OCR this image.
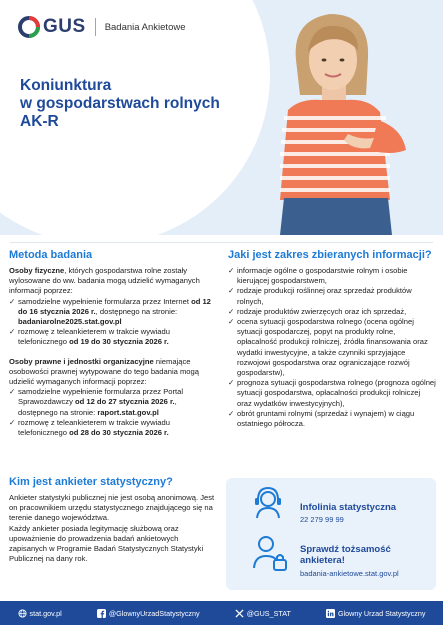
GUS Badania Ankietowe
Koniunktura
w gospodarstwach rolnych
AK-R
Metoda badania

Osoby fizyczne, których gospodarstwa rolne zostały wylosowane do ww. badania mogą udzielić wymaganych informacji poprzez:

✓ samodzielne wypełnienie formularza przez Internet od 12 do 16 stycznia 2026 r., dostępnego na stronie: badaniarolne2025.stat.gov.pl

✓ rozmowę z teleankieterem w trakcie wywiadu telefonicznego od 19 do 30 stycznia 2026 r.

Osoby prawne i jednostki organizacyjne niemające osobowości prawnej wytypowane do tego badania mogą udzielić wymaganych informacji poprzez:

✓ samodzielne wypełnienie formularza przez Portal Sprawozdawczy od 12 do 27 stycznia 2026 r., dostępnego na stronie: raport.stat.gov.pl

✓ rozmowę z teleankieterem w trakcie wywiadu telefonicznego od 28 do 30 stycznia 2026 r.

Jaki jest zakres zbieranych informacji?

✓ informacje ogólne o gospodarstwie rolnym i osobie kierującej gospodarstwem,

✓ rodzaje produkcji roślinnej oraz sprzedaż produktów rolnych,

✓ rodzaje produktów zwierzęcych oraz ich sprzedaż,

✓ ocena sytuacji gospodarstwa rolnego (ocena ogólnej sytuacji gospodarczej, popyt na produkty rolne, opłacalność produkcji rolniczej, źródła finansowania oraz wydatki inwestycyjne, a także czynniki sprzyjające rozwojowi gospodarstwa oraz ograniczające rozwój gospodarstw),

✓ prognoza sytuacji gospodarstwa rolnego (prognoza ogólnej sytuacji gospodarstwa, opłacalności produkcji rolniczej oraz wydatków inwestycyjnych),

✓ obrót gruntami rolnymi (sprzedaż i wynajem) w ciągu ostatniego półrocza.

Kim jest ankieter statystyczny?

Ankieter statystyki publicznej nie jest osobą anonimową. Jest on pracownikiem urzędu statystycznego znajdującego się na terenie danego województwa.

Każdy ankieter posiada legitymację służbową oraz upoważnienie do prowadzenia badań ankietowych zapisanych w Programie Badań Statystycznych Statystyki Publicznej na dany rok.

Infolinia statystyczna
22 279 99 99
Sprawdź tożsamość
ankietera!
badania-ankietowe.stat.gov.pl
stat.gov.pl	@GlownyUrzadStatystyczny	@GUS_STAT	Glowny Urzad Statystyczny
